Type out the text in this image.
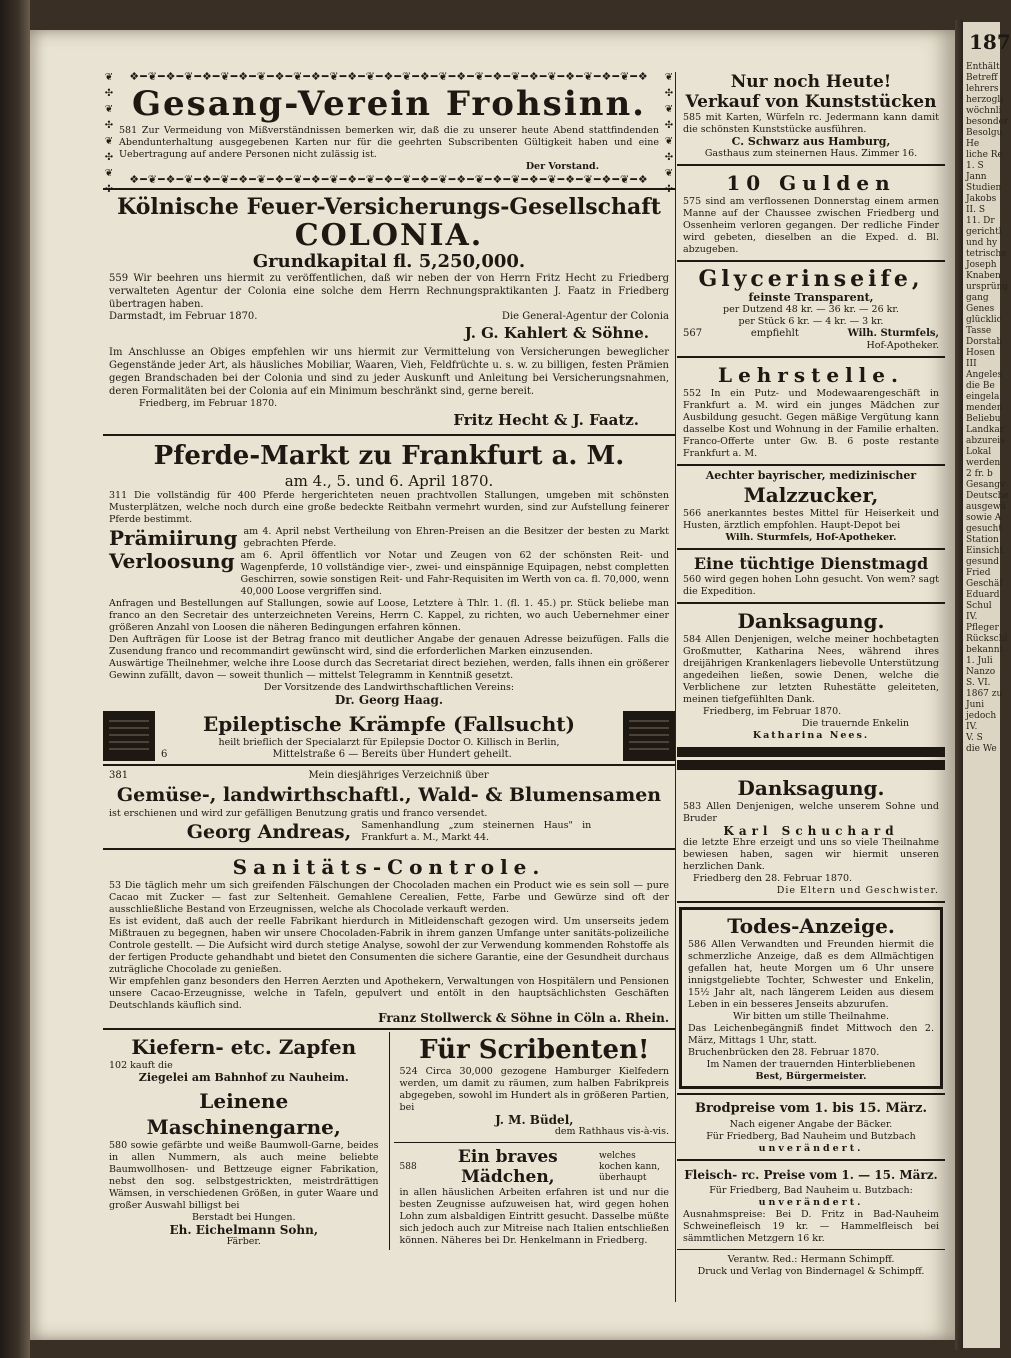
187
Enthält
Betreff
lehrers
herzogli
wöchnli
besonder
Besolgu
He
liche Re
1. S
Jann
Studien
Jakobs
II. S
11. Dr
gerichtl
und hy
tetrische
Joseph
Knaben
ursprüng
gang
Genes
glücklic
Tasse
Dorstab
Hosen
III
Angeles
die Be
eingela
menden
Beliebu
Landkar
abzureis
Lokal
werden
2 fr. b
Gesangv
Deutsche
ausgewä
sowie A
gesucht
Station
Einsicht
gesund
Fried
Geschäf
Eduard
Schul
IV.
Pfleger
Rückschl
bekannt
1. Juli
Nanzo
S. VI.
1867 zu
Juni
jedoch
IV.
V. S
die We
❖━❦━❖━❦━❖━❦━❖━❦━❖━❦━❖━❦━❖━❦━❖━❦━❖━❦━❖━❦━❖━❦━❖━❦━❖━❦━❖━❦━❖
❦
✣
❦
✣
❦
✣
❦
✣
❦
✣
❦
✣
❦
✣
❦
✣
Gesang-Verein Frohsinn.
581 Zur Vermeidung von Mißverständnissen bemerken wir, daß die zu unserer heute Abend stattfindenden Abendunterhaltung ausgegebenen Karten nur für die geehrten Subscribenten Gültigkeit haben und eine Uebertragung auf andere Personen nicht zulässig ist.
Der Vorstand.
❖━❦━❖━❦━❖━❦━❖━❦━❖━❦━❖━❦━❖━❦━❖━❦━❖━❦━❖━❦━❖━❦━❖━❦━❖━❦━❖━❦━❖
Kölnische Feuer-Versicherungs-Gesellschaft
COLONIA.
Grundkapital fl. 5,250,000.
559 Wir beehren uns hiermit zu veröffentlichen, daß wir neben der von Herrn Fritz Hecht zu Friedberg verwalteten Agentur der Colonia eine solche dem Herrn Rechnungspraktikanten J. Faatz in Friedberg übertragen haben.
Darmstadt, im Februar 1870.	Die General-Agentur der Colonia
J. G. Kahlert & Söhne.
Im Anschlusse an Obiges empfehlen wir uns hiermit zur Vermittelung von Versicherungen beweglicher Gegenstände jeder Art, als häusliches Mobiliar, Waaren, Vieh, Feldfrüchte u. s. w. zu billigen, festen Prämien gegen Brandschaden bei der Colonia und sind zu jeder Auskunft und Anleitung bei Versicherungsnahmen, deren Formalitäten bei der Colonia auf ein Minimum beschränkt sind, gerne bereit.
Friedberg, im Februar 1870.
Fritz Hecht & J. Faatz.
Pferde-Markt zu Frankfurt a. M.
am 4., 5. und 6. April 1870.
311 Die vollständig für 400 Pferde hergerichteten neuen prachtvollen Stallungen, umgeben mit schönsten Musterplätzen, welche noch durch eine große bedeckte Reitbahn vermehrt wurden, sind zur Aufstellung feinerer Pferde bestimmt.
Prämiirung am 4. April nebst Vertheilung von Ehren-Preisen an die Besitzer der besten zu Markt gebrachten Pferde.
Verloosung am 6. April öffentlich vor Notar und Zeugen von 62 der schönsten Reit- und Wagenpferde, 10 vollständige vier-, zwei- und einspännige Equipagen, nebst completten Geschirren, sowie sonstigen Reit- und Fahr-Requisiten im Werth von ca. fl. 70,000, wenn 40,000 Loose vergriffen sind.
Anfragen und Bestellungen auf Stallungen, sowie auf Loose, Letztere à Thlr. 1. (fl. 1. 45.) pr. Stück beliebe man franco an den Secretair des unterzeichneten Vereins, Herrn C. Kappel, zu richten, wo auch Uebernehmer einer größeren Anzahl von Loosen die näheren Bedingungen erfahren können.
Den Aufträgen für Loose ist der Betrag franco mit deutlicher Angabe der genauen Adresse beizufügen. Falls die Zusendung franco und recommandirt gewünscht wird, sind die erforderlichen Marken einzusenden.
Auswärtige Theilnehmer, welche ihre Loose durch das Secretariat direct beziehen, werden, falls ihnen ein größerer Gewinn zufällt, davon — soweit thunlich — mittelst Telegramm in Kenntniß gesetzt.
Der Vorsitzende des Landwirthschaftlichen Vereins:
Dr. Georg Haag.
Epileptische Krämpfe (Fallsucht)
heilt brieflich der Specialarzt für Epilepsie Doctor O. Killisch in Berlin,
6	Mittelstraße 6 — Bereits über Hundert geheilt.
381	Mein diesjähriges Verzeichniß über
Gemüse-, landwirthschaftl., Wald- & Blumensamen
ist erschienen und wird zur gefälligen Benutzung gratis und franco versendet.
Georg Andreas, Samenhandlung „zum steinernen Haus" in Frankfurt a. M., Markt 44.
Sanitäts-Controle.
53 Die täglich mehr um sich greifenden Fälschungen der Chocoladen machen ein Product wie es sein soll — pure Cacao mit Zucker — fast zur Seltenheit. Gemahlene Cerealien, Fette, Farbe und Gewürze sind oft der ausschließliche Bestand von Erzeugnissen, welche als Chocolade verkauft werden.
Es ist evident, daß auch der reelle Fabrikant hierdurch in Mitleidenschaft gezogen wird. Um unserseits jedem Mißtrauen zu begegnen, haben wir unsere Chocoladen-Fabrik in ihrem ganzen Umfange unter sanitäts-polizeiliche Controle gestellt. — Die Aufsicht wird durch stetige Analyse, sowohl der zur Verwendung kommenden Rohstoffe als der fertigen Producte gehandhabt und bietet den Consumenten die sichere Garantie, eine der Gesundheit durchaus zuträgliche Chocolade zu genießen.
Wir empfehlen ganz besonders den Herren Aerzten und Apothekern, Verwaltungen von Hospitälern und Pensionen unsere Cacao-Erzeugnisse, welche in Tafeln, gepulvert und entölt in den hauptsächlichsten Geschäften Deutschlands käuflich sind.
Franz Stollwerck & Söhne in Cöln a. Rhein.
Kiefern- etc. Zapfen
102 kauft die
Ziegelei am Bahnhof zu Nauheim.
Leinene Maschinengarne,
580 sowie gefärbte und weiße Baumwoll-Garne, beides in allen Nummern, als auch meine beliebte Baumwollhosen- und Bettzeuge eigner Fabrikation, nebst den sog. selbstgestrickten, meistrdrättigen Wämsen, in verschiedenen Größen, in guter Waare und großer Auswahl billigst bei
Berstadt bei Hungen.
Eh. Eichelmann Sohn,
Färber.
Für Scribenten!
524 Circa 30,000 gezogene Hamburger Kielfedern werden, um damit zu räumen, zum halben Fabrikpreis abgegeben, sowohl im Hundert als in größeren Partien, bei
J. M. Büdel,
dem Rathhaus vis-à-vis.
588	Ein braves Mädchen,
welches kochen kann, überhaupt
in allen häuslichen Arbeiten erfahren ist und nur die besten Zeugnisse aufzuweisen hat, wird gegen hohen Lohn zum alsbaldigen Eintritt gesucht. Dasselbe müßte sich jedoch auch zur Mitreise nach Italien entschließen können. Näheres bei Dr. Henkelmann in Friedberg.
Nur noch Heute!
Verkauf von Kunststücken
585 mit Karten, Würfeln rc. Jedermann kann damit die schönsten Kunststücke ausführen.
C. Schwarz aus Hamburg,
Gasthaus zum steinernen Haus. Zimmer 16.
10 Gulden
575 sind am verflossenen Donnerstag einem armen Manne auf der Chaussee zwischen Friedberg und Ossenheim verloren gegangen. Der redliche Finder wird gebeten, dieselben an die Exped. d. Bl. abzugeben.
Glycerinseife,
feinste Transparent,
per Dutzend 48 kr. — 36 kr. — 26 kr.
per Stück 6 kr. — 4 kr. — 3 kr.
567	empfiehlt	Wilh. Sturmfels,
Hof-Apotheker.
Lehrstelle.
552 In ein Putz- und Modewaarengeschäft in Frankfurt a. M. wird ein junges Mädchen zur Ausbildung gesucht. Gegen mäßige Vergütung kann dasselbe Kost und Wohnung in der Familie erhalten. Franco-Offerte unter Gw. B. 6 poste restante Frankfurt a. M.
Aechter bayrischer, medizinischer
Malzzucker,
566 anerkanntes bestes Mittel für Heiserkeit und Husten, ärztlich empfohlen. Haupt-Depot bei
Wilh. Sturmfels, Hof-Apotheker.
Eine tüchtige Dienstmagd
560 wird gegen hohen Lohn gesucht. Von wem? sagt die Expedition.
Danksagung.
584 Allen Denjenigen, welche meiner hochbetagten Großmutter, Katharina Nees, während ihres dreijährigen Krankenlagers liebevolle Unterstützung angedeihen ließen, sowie Denen, welche die Verblichene zur letzten Ruhestätte geleiteten, meinen tiefgefühlten Dank.
Friedberg, im Februar 1870.
Die trauernde Enkelin
Katharina Nees.
Danksagung.
583 Allen Denjenigen, welche unserem Sohne und Bruder
Karl Schuchard
die letzte Ehre erzeigt und uns so viele Theilnahme bewiesen haben, sagen wir hiermit unseren herzlichen Dank.
Friedberg den 28. Februar 1870.
Die Eltern und Geschwister.
Todes-Anzeige.
586 Allen Verwandten und Freunden hiermit die schmerzliche Anzeige, daß es dem Allmächtigen gefallen hat, heute Morgen um 6 Uhr unsere innigstgeliebte Tochter, Schwester und Enkelin, 15½ Jahr alt, nach längerem Leiden aus diesem Leben in ein besseres Jenseits abzurufen.
Wir bitten um stille Theilnahme.
Das Leichenbegängniß findet Mittwoch den 2. März, Mittags 1 Uhr, statt.
Bruchenbrücken den 28. Februar 1870.
Im Namen der trauernden Hinterbliebenen
Best, Bürgermeister.
Brodpreise vom 1. bis 15. März.
Nach eigener Angabe der Bäcker.
Für Friedberg, Bad Nauheim und Butzbach
unverändert.
Fleisch- rc. Preise vom 1. — 15. März.
Für Friedberg, Bad Nauheim u. Butzbach:
unverändert.
Ausnahmspreise: Bei D. Fritz in Bad-Nauheim Schweinefleisch 19 kr. — Hammelfleisch bei sämmtlichen Metzgern 16 kr.
Verantw. Red.: Hermann Schimpff.
Druck und Verlag von Bindernagel & Schimpff.
